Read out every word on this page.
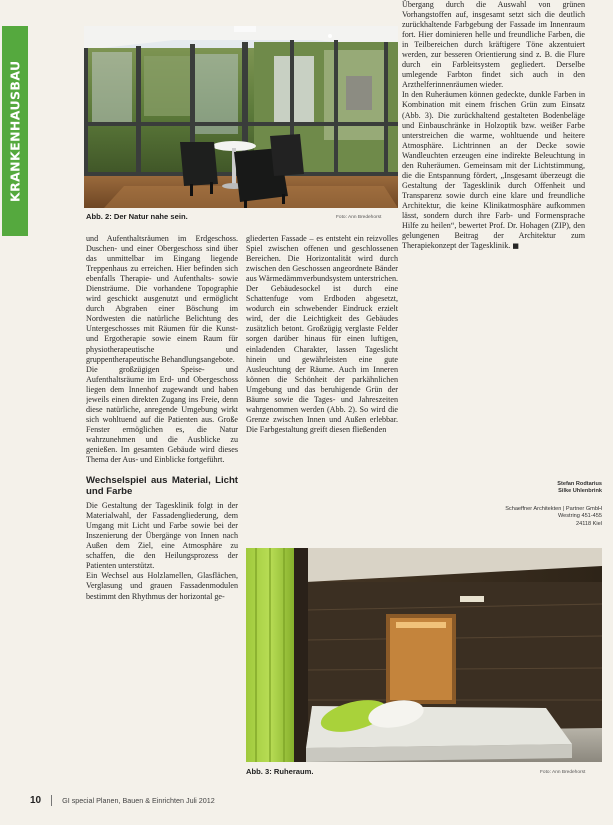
KRANKENHAUSBAU
Abb. 2: Der Natur nahe sein.	Foto: Ann Bredehorst

Übergang durch die Auswahl von grünen Vorhangstoffen auf, insgesamt setzt sich die deutlich zurückhaltende Farbgebung der Fassade im Innenraum fort. Hier dominieren helle und freundliche Farben, die in Teilbereichen durch kräftigere Töne akzentuiert werden, zur besseren Orientierung sind z. B. die Flure durch ein Farbleitsystem gegliedert. Derselbe umlegende Farbton findet sich auch in den Arzthelferinnenräumen wieder.

In den Ruheräumen können gedeckte, dunkle Farben in Kombination mit einem frischen Grün zum Einsatz (Abb. 3). Die zurückhaltend gestalteten Bodenbeläge und Einbauschränke in Holzoptik bzw. weißer Farbe unterstreichen die warme, wohltuende und heitere Atmosphäre. Lichtrinnen an der Decke sowie Wandleuchten erzeugen eine indirekte Beleuchtung in den Ruheräumen. Gemeinsam mit der Lichtstimmung, die die Entspannung fördert, „Insgesamt überzeugt die Gestaltung der Tagesklinik durch Offenheit und Transparenz sowie durch eine klare und freundliche Architektur, die keine Klinikatmosphäre aufkommen lässt, sondern durch ihre Farb- und Formensprache Hilfe zu heilen“, bewertet Prof. Dr. Hohagen (ZIP), den gelungenen Beitrag der Architektur zum Therapiekonzept der Tagesklinik. ■

Stefan Rodtarius
Silke Uhlenbrink
Schaeffner Architekten | Partner GmbH
Westring 451-455
24118 Kiel

und Aufenthaltsräumen im Erdgeschoss. Duschen- und einer Obergeschoss sind über das unmittelbar im Eingang liegende Treppenhaus zu erreichen. Hier befinden sich ebenfalls Therapie- und Aufenthalts- sowie Diensträume. Die vorhandene Topographie wird geschickt ausgenutzt und ermöglicht durch Abgraben einer Böschung im Nordwesten die natürliche Belichtung des Untergeschosses mit Räumen für die Kunst- und Ergotherapie sowie einem Raum für physiotherapeutische und gruppentherapeutische Behandlungsangebote.

Die großzügigen Speise- und Aufenthaltsräume im Erd- und Obergeschoss liegen dem Innenhof zugewandt und haben jeweils einen direkten Zugang ins Freie, denn diese natürliche, anregende Umgebung wirkt sich wohltuend auf die Patienten aus. Große Fenster ermöglichen es, die Natur wahrzunehmen und die Ausblicke zu genießen. Im gesamten Gebäude wird dieses Thema der Aus- und Einblicke fortgeführt.

Wechselspiel aus Material, Licht und Farbe

Die Gestaltung der Tagesklinik folgt in der Materialwahl, der Fassadengliederung, dem Umgang mit Licht und Farbe sowie bei der Inszenierung der Übergänge von Innen nach Außen dem Ziel, eine Atmosphäre zu schaffen, die den Heilungsprozess der Patienten unterstützt.

Ein Wechsel aus Holzlamellen, Glasflächen, Verglasung und grauen Fassadenmodulen bestimmt den Rhythmus der horizontal ge-

gliederten Fassade – es entsteht ein reizvolles Spiel zwischen offenen und geschlossenen Bereichen. Die Horizontalität wird durch zwischen den Geschossen angeordnete Bänder aus Wärmedämmverbundsystem unterstrichen. Der Gebäudesockel ist durch eine Schattenfuge vom Erdboden abgesetzt, wodurch ein schwebender Eindruck erzielt wird, der die Leichtigkeit des Gebäudes zusätzlich betont. Großzügig verglaste Felder sorgen darüber hinaus für einen luftigen, einladenden Charakter, lassen Tageslicht hinein und gewährleisten eine gute Ausleuchtung der Räume. Auch im Inneren können die Schönheit der parkähnlichen Umgebung und das beruhigende Grün der Bäume sowie die Tages- und Jahreszeiten wahrgenommen werden (Abb. 2). So wird die Grenze zwischen Innen und Außen erlebbar. Die Farbgestaltung greift diesen fließenden

Abb. 3: Ruheraum.	Foto: Ann Bredehorst
10	GI special Planen, Bauen & Einrichten Juli 2012
